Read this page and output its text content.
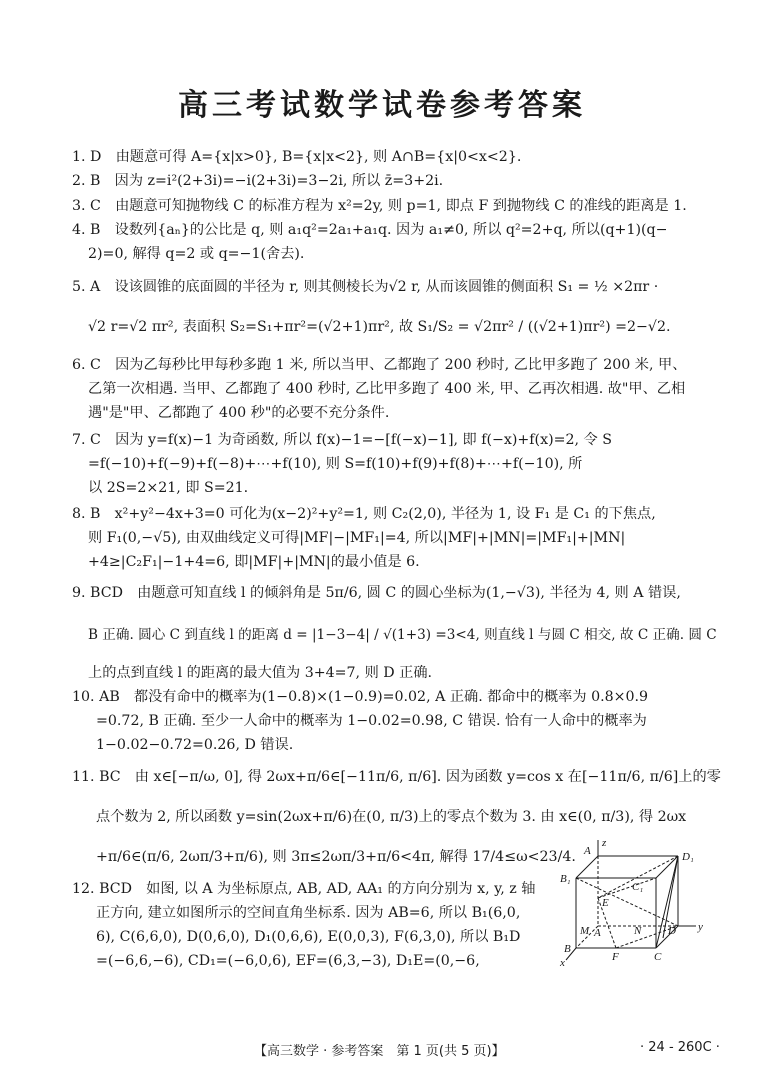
高三考试数学试卷参考答案
1. D　由题意可得 A={x|x>0}, B={x|x<2}, 则 A∩B={x|0<x<2}.
2. B　因为 z=i²(2+3i)=−i(2+3i)=3−2i, 所以 z̄=3+2i.
3. C　由题意可知抛物线 C 的标准方程为 x²=2y, 则 p=1, 即点 F 到抛物线 C 的准线的距离是 1.
4. B　设数列{aₙ}的公比是 q, 则 a₁q²=2a₁+a₁q. 因为 a₁≠0, 所以 q²=2+q, 所以(q+1)(q−
2)=0, 解得 q=2 或 q=−1(舍去).
5. A　设该圆锥的底面圆的半径为 r, 则其侧棱长为√2 r, 从而该圆锥的侧面积 S₁ = ½ ×2πr ·
√2 r=√2 πr², 表面积 S₂=S₁+πr²=(√2+1)πr², 故 S₁/S₂ = √2πr² / ((√2+1)πr²) =2−√2.
6. C　因为乙每秒比甲每秒多跑 1 米, 所以当甲、乙都跑了 200 秒时, 乙比甲多跑了 200 米, 甲、
乙第一次相遇. 当甲、乙都跑了 400 秒时, 乙比甲多跑了 400 米, 甲、乙再次相遇. 故"甲、乙相
遇"是"甲、乙都跑了 400 秒"的必要不充分条件.
7. C　因为 y=f(x)−1 为奇函数, 所以 f(x)−1=−[f(−x)−1], 即 f(−x)+f(x)=2, 令 S
=f(−10)+f(−9)+f(−8)+⋯+f(10), 则 S=f(10)+f(9)+f(8)+⋯+f(−10), 所
以 2S=2×21, 即 S=21.
8. B　x²+y²−4x+3=0 可化为(x−2)²+y²=1, 则 C₂(2,0), 半径为 1, 设 F₁ 是 C₁ 的下焦点,
则 F₁(0,−√5), 由双曲线定义可得|MF|−|MF₁|=4, 所以|MF|+|MN|=|MF₁|+|MN|
+4≥|C₂F₁|−1+4=6, 即|MF|+|MN|的最小值是 6.
9. BCD　由题意可知直线 l 的倾斜角是 5π/6, 圆 C 的圆心坐标为(1,−√3), 半径为 4, 则 A 错误,
B 正确. 圆心 C 到直线 l 的距离 d = |1−3−4| / √(1+3) =3<4, 则直线 l 与圆 C 相交, 故 C 正确. 圆 C
上的点到直线 l 的距离的最大值为 3+4=7, 则 D 正确.
10. AB　都没有命中的概率为(1−0.8)×(1−0.9)=0.02, A 正确. 都命中的概率为 0.8×0.9
=0.72, B 正确. 至少一人命中的概率为 1−0.02=0.98, C 错误. 恰有一人命中的概率为
1−0.02−0.72=0.26, D 错误.
11. BC　由 x∈[−π/ω, 0], 得 2ωx+π/6∈[−11π/6, π/6]. 因为函数 y=cos x 在[−11π/6, π/6]上的零
点个数为 2, 所以函数 y=sin(2ωx+π/6)在(0, π/3)上的零点个数为 3. 由 x∈(0, π/3), 得 2ωx
+π/6∈(π/6, 2ωπ/3+π/6), 则 3π≤2ωπ/3+π/6<4π, 解得 17/4≤ω<23/4.
12. BCD　如图, 以 A 为坐标原点, AB, AD, AA₁ 的方向分别为 x, y, z 轴
正方向, 建立如图所示的空间直角坐标系. 因为 AB=6, 所以 B₁(6,0,
6), C(6,6,0), D(0,6,0), D₁(0,6,6), E(0,0,3), F(6,3,0), 所以 B₁D
=(−6,6,−6), CD₁=(−6,0,6), EF=(6,3,−3), D₁E=(0,−6,
A
z
D₁
B₁
C₁
E
M A	N D y
B
F	C
x
【高三数学 · 参考答案　第 1 页(共 5 页)】	· 24 - 260C ·
